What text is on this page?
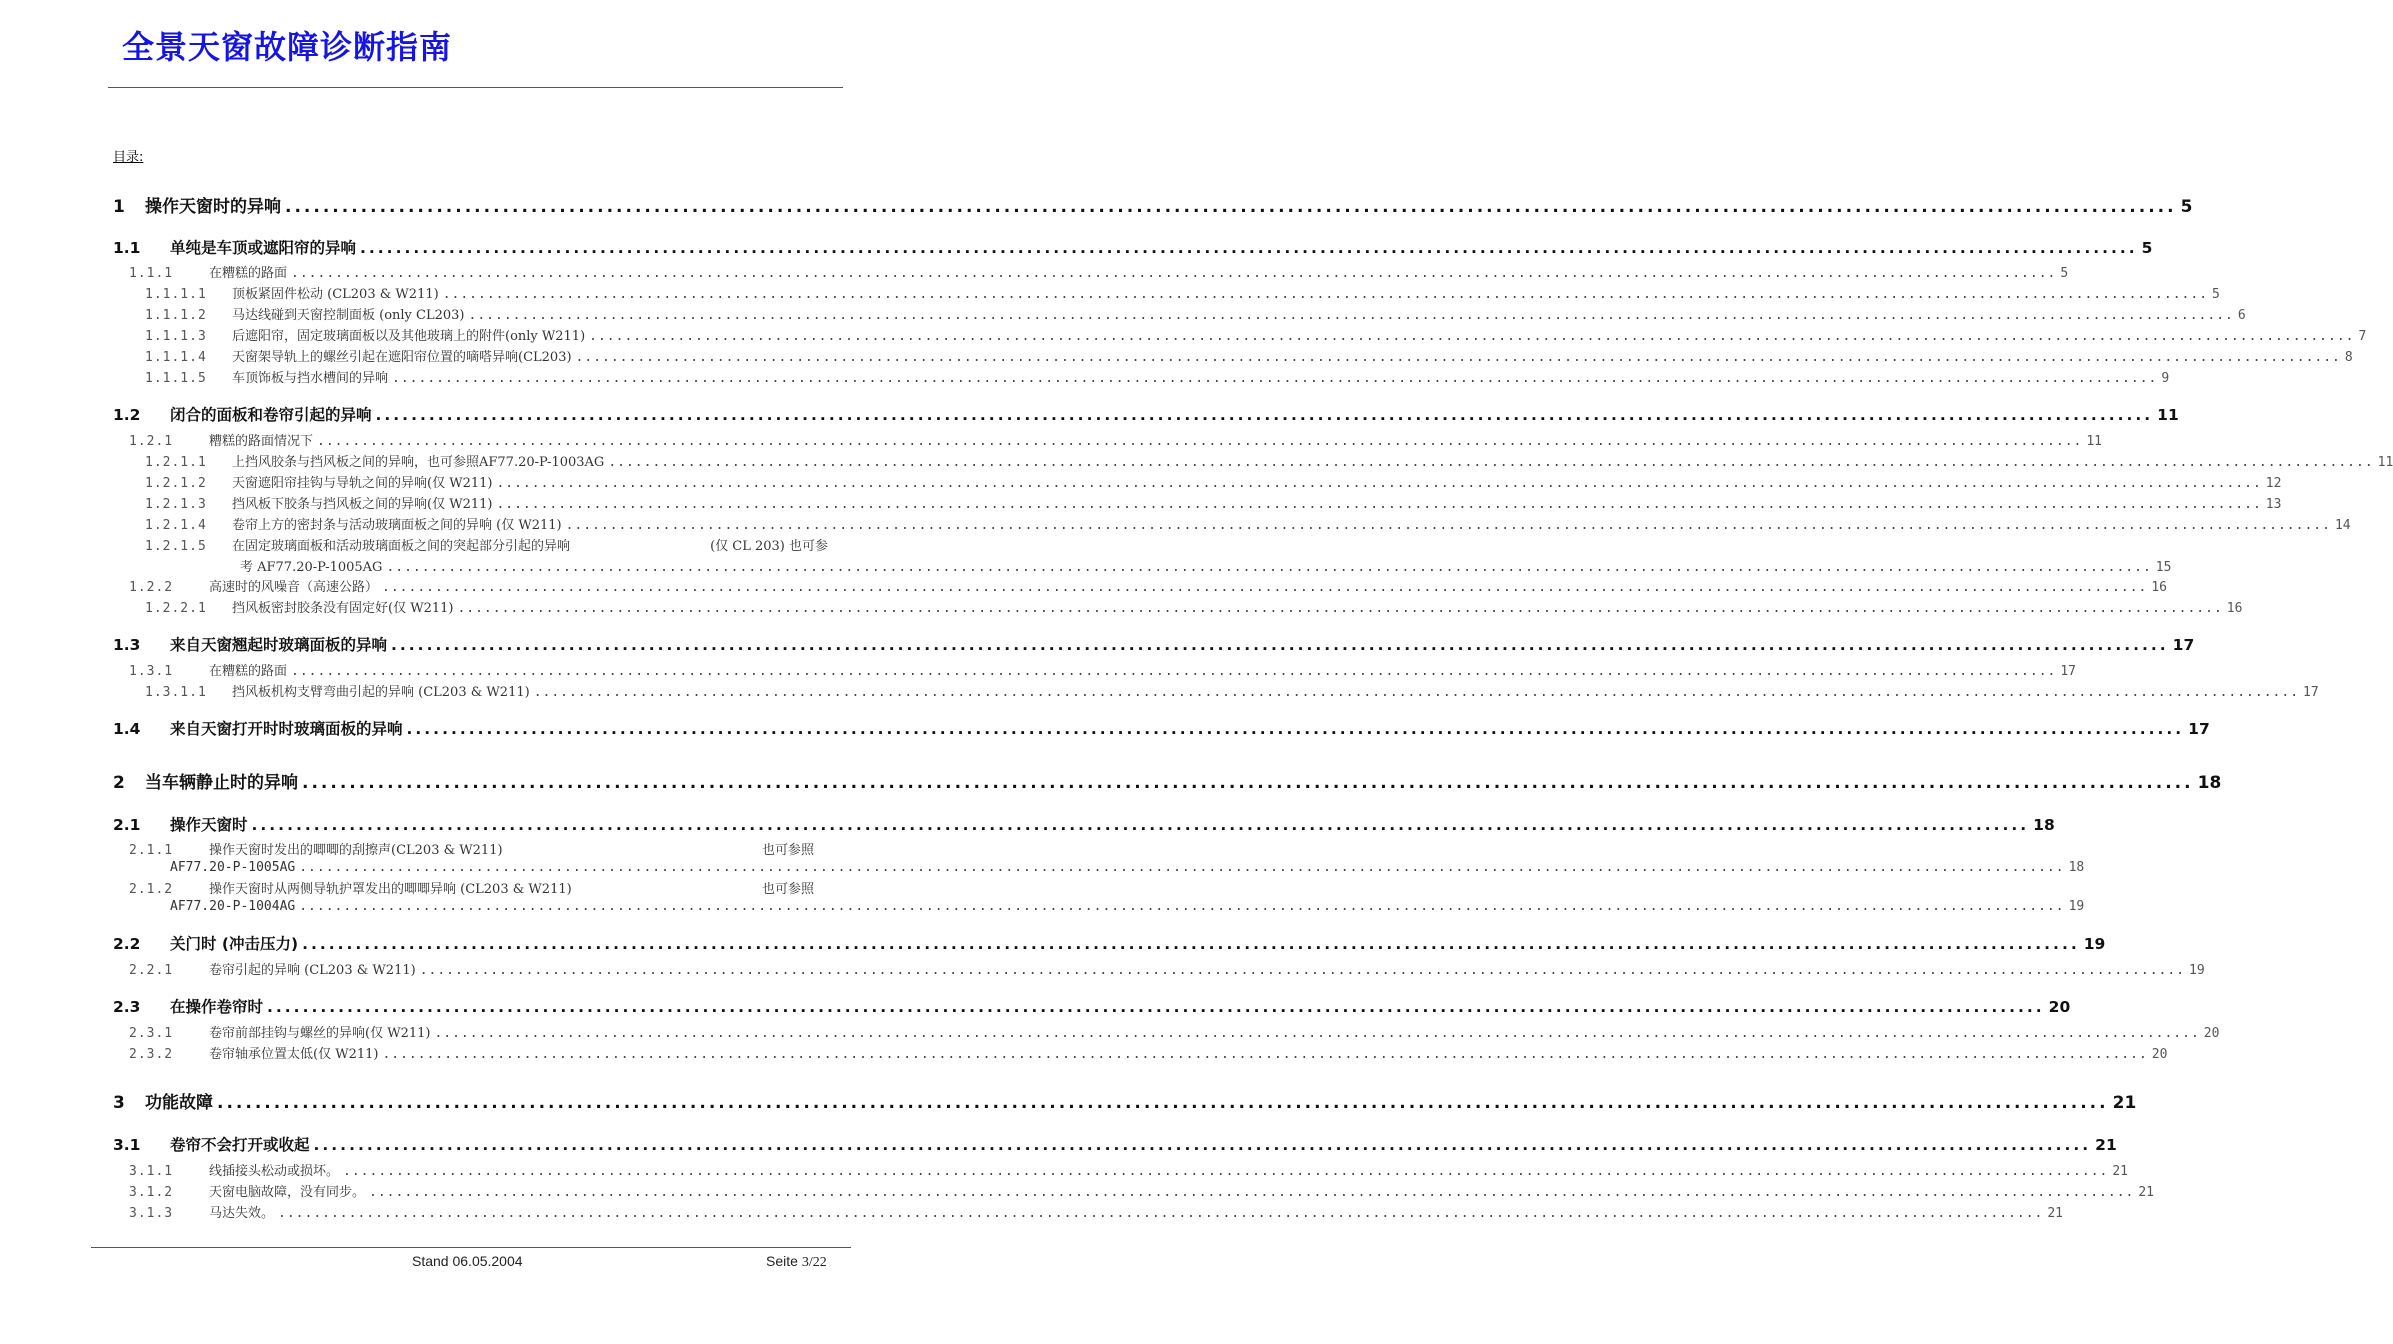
全景天窗故障诊断指南
目录:
1	操作天窗时的异响 ........................................................................................................................................................................................................ 5
1.1	单纯是车顶或遮阳帘的异响 ........................................................................................................................................................................................................ 5
1.1.1	在糟糕的路面 ........................................................................................................................................................................................................ 5
1.1.1.1	顶板紧固件松动 (CL203 & W211) ........................................................................................................................................................................................................ 5
1.1.1.2	马达线碰到天窗控制面板 (only CL203) ........................................................................................................................................................................................................ 6
1.1.1.3	后遮阳帘，固定玻璃面板以及其他玻璃上的附件(only W211) ........................................................................................................................................................................................................ 7
1.1.1.4	天窗架导轨上的螺丝引起在遮阳帘位置的嘀嗒异响(CL203) ........................................................................................................................................................................................................ 8
1.1.1.5	车顶饰板与挡水槽间的异响 ........................................................................................................................................................................................................ 9
1.2	闭合的面板和卷帘引起的异响 ........................................................................................................................................................................................................ 11
1.2.1	糟糕的路面情况下 ........................................................................................................................................................................................................ 11
1.2.1.1	上挡风胶条与挡风板之间的异响，也可参照AF77.20-P-1003AG ........................................................................................................................................................................................................ 11
1.2.1.2	天窗遮阳帘挂钩与导轨之间的异响(仅 W211) ........................................................................................................................................................................................................ 12
1.2.1.3	挡风板下胶条与挡风板之间的异响(仅 W211) ........................................................................................................................................................................................................ 13
1.2.1.4	卷帘上方的密封条与活动玻璃面板之间的异响 (仅 W211) ........................................................................................................................................................................................................ 14
1.2.1.5	在固定玻璃面板和活动玻璃面板之间的突起部分引起的异响	(仅 CL 203) 也可参
考 AF77.20-P-1005AG ........................................................................................................................................................................................................ 15
1.2.2	高速时的风噪音（高速公路） ........................................................................................................................................................................................................ 16
1.2.2.1	挡风板密封胶条没有固定好(仅 W211) ........................................................................................................................................................................................................ 16
1.3	来自天窗翘起时玻璃面板的异响 ........................................................................................................................................................................................................ 17
1.3.1	在糟糕的路面 ........................................................................................................................................................................................................ 17
1.3.1.1	挡风板机构支臂弯曲引起的异响 (CL203 & W211) ........................................................................................................................................................................................................ 17
1.4	来自天窗打开时时玻璃面板的异响 ........................................................................................................................................................................................................ 17
2	当车辆静止时的异响 ........................................................................................................................................................................................................ 18
2.1	操作天窗时 ........................................................................................................................................................................................................ 18
2.1.1	操作天窗时发出的唧唧的刮擦声(CL203 & W211)	也可参照
AF77.20-P-1005AG ........................................................................................................................................................................................................ 18
2.1.2	操作天窗时从两侧导轨护罩发出的唧唧异响 (CL203 & W211)	也可参照
AF77.20-P-1004AG ........................................................................................................................................................................................................ 19
2.2	关门时 (冲击压力) ........................................................................................................................................................................................................ 19
2.2.1	卷帘引起的异响 (CL203 & W211) ........................................................................................................................................................................................................ 19
2.3	在操作卷帘时 ........................................................................................................................................................................................................ 20
2.3.1	卷帘前部挂钩与螺丝的异响(仅 W211) ........................................................................................................................................................................................................ 20
2.3.2	卷帘轴承位置太低(仅 W211) ........................................................................................................................................................................................................ 20
3	功能故障 ........................................................................................................................................................................................................ 21
3.1	卷帘不会打开或收起 ........................................................................................................................................................................................................ 21
3.1.1	线插接头松动或损坏。 ........................................................................................................................................................................................................ 21
3.1.2	天窗电脑故障，没有同步。 ........................................................................................................................................................................................................ 21
3.1.3	马达失效。 ........................................................................................................................................................................................................ 21
Stand 06.05.2004	Seite 3/22
